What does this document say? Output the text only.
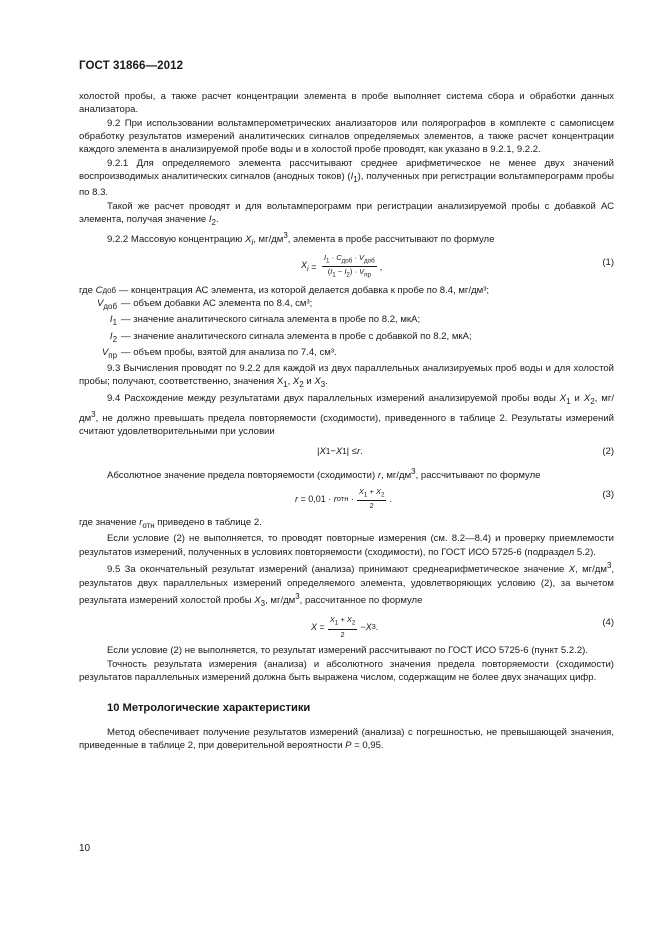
ГОСТ 31866—2012

холостой пробы, а также расчет концентрации элемента в пробе выполняет система сбора и обработки данных анализатора.

9.2 При использовании вольтамперометрических анализаторов или полярографов в комплекте с самописцем обработку результатов измерений аналитических сигналов определяемых элементов, а также расчет концентрации каждого элемента в анализируемой пробе воды и в холостой пробе проводят, как указано в 9.2.1, 9.2.2.

9.2.1 Для определяемого элемента рассчитывают среднее арифметическое не менее двух значений воспроизводимых аналитических сигналов (анодных токов) $(I_1)$, полученных при регистрации вольтамперограмм пробы по 8.3.

Такой же расчет проводят и для вольтамперограмм при регистрации анализируемой пробы с добавкой АС элемента, получая значение $I_2$.

9.2.2 Массовую концентрацию $X_i$, $мг/дм^3$, элемента в пробе рассчитывают по формуле

$X_i = \frac{I_1 \cdot C_{доб} \cdot V_{доб}}{(I_1 - I_2) \cdot V_{пр}}$ ,	(1)
где
C доб
— концентрация АС элемента, из которой делается добавка к пробе по 8.4, мг/дм³;
$V_{доб}$ — объем добавки АС элемента по 8.4, см³;
$I_1$ — значение аналитического сигнала элемента в пробе по 8.2, мкА;
$I_2$ — значение аналитического сигнала элемента в пробе с добавкой по 8.2, мкА;
$V_{пр}$ — объем пробы, взятой для анализа по 7.4, см³.

9.3 Вычисления проводят по 9.2.2 для каждой из двух параллельных анализируемых проб воды и для холостой пробы; получают, соответственно, значения $X_1$, $X_2$ и $X_3$.

9.4 Расхождение между результатами двух параллельных измерений анализируемой пробы воды $X_1$ и $X_2$, $мг/дм^3$, не должно превышать предела повторяемости (сходимости), приведенного в таблице 2. Результаты измерений считают удовлетворительными при условии

| X 1 − X 1 | ≤ r .	(2)

Абсолютное значение предела повторяемости (сходимости) r, $мг/дм^3$, рассчитывают по формуле

r = 0,01 · r отн · $\frac{X_1 + X_2}{2}$ .	(3)

где значение $r_{отн}$ приведено в таблице 2.

Если условие (2) не выполняется, то проводят повторные измерения (см. 8.2—8.4) и проверку приемлемости результатов измерений, полученных в условиях повторяемости (сходимости), по ГОСТ ИСО 5725-6 (подраздел 5.2).

9.5 За окончательный результат измерений (анализа) принимают среднеарифметическое значение X, $мг/дм^3$, результатов двух параллельных измерений определяемого элемента, удовлетворяющих условию (2), за вычетом результата измерений холостой пробы $X_3$, $мг/дм^3$, рассчитанное по формуле

$X = \frac{X_1 + X_2}{2} - X$ 3 .	(4)

Если условие (2) не выполняется, то результат измерений рассчитывают по ГОСТ ИСО 5725-6 (пункт 5.2.2).

Точность результата измерения (анализа) и абсолютного значения предела повторяемости (сходимости) результатов параллельных измерений должна быть выражена числом, содержащим не более двух значащих цифр.

10 Метрологические характеристики

Метод обеспечивает получение результатов измерений (анализа) с погрешностью, не превышающей значения, приведенные в таблице 2, при доверительной вероятности P = 0,95.

10
